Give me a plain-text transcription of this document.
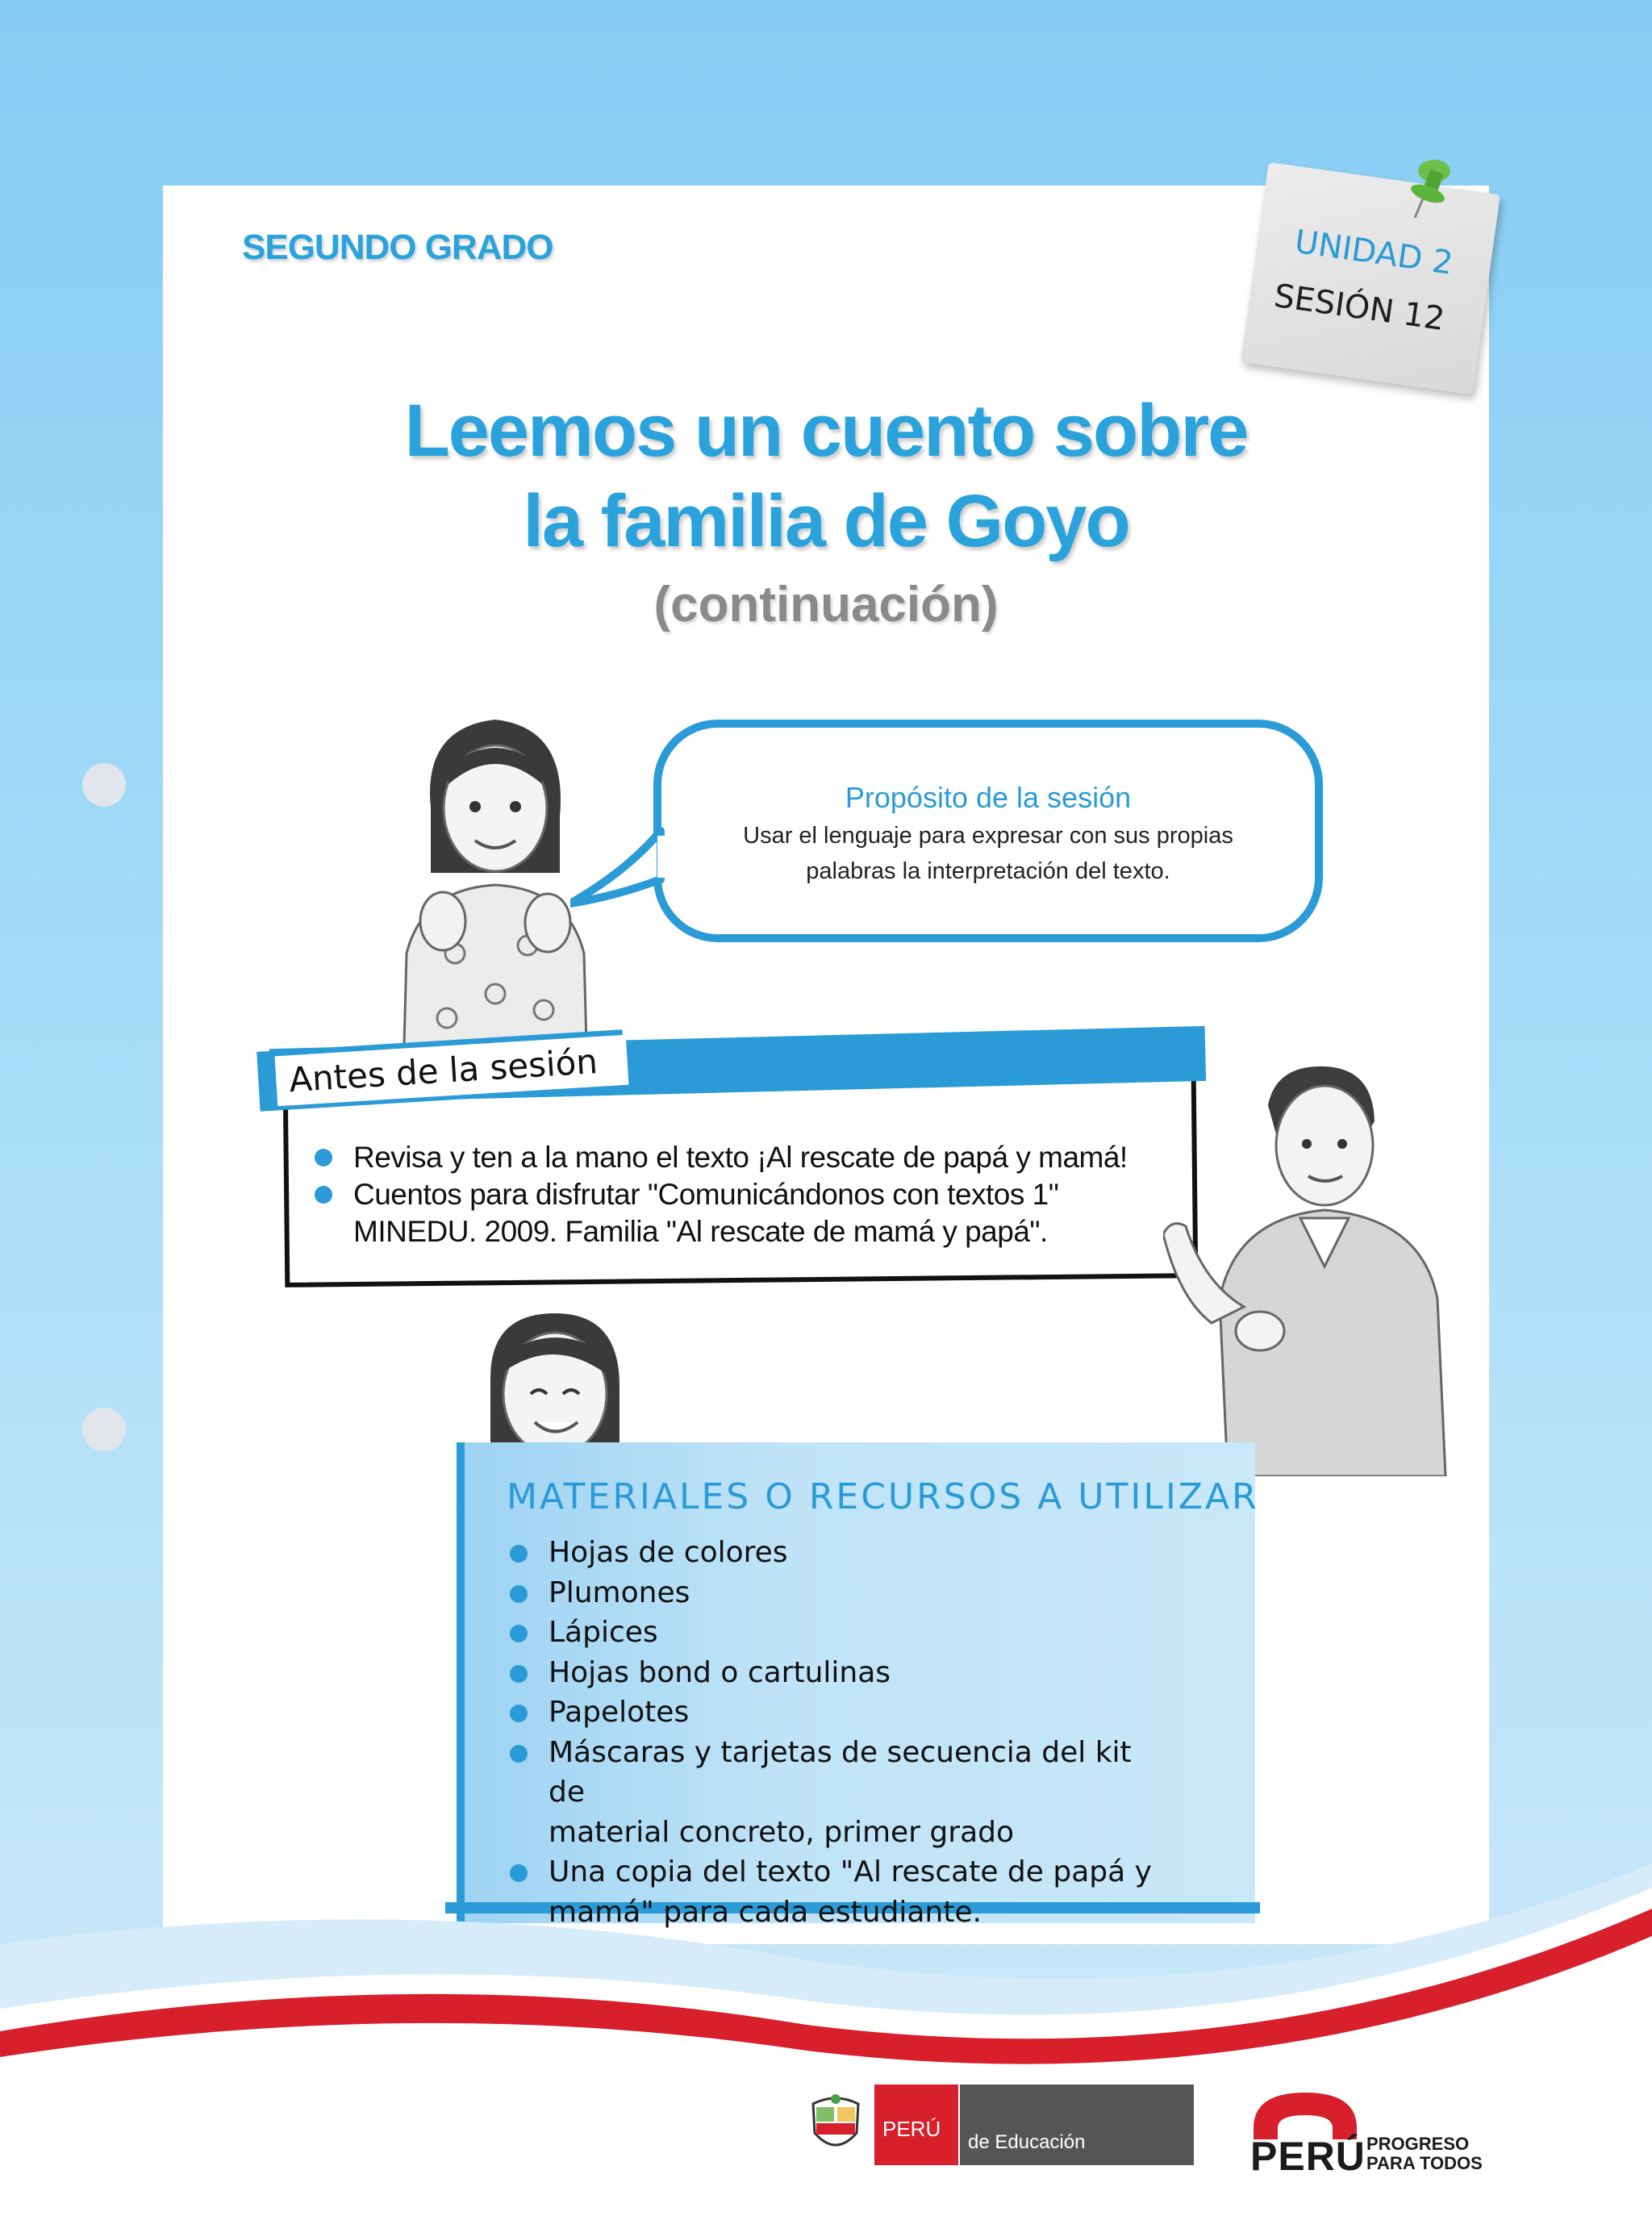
SEGUNDO GRADO	UNIDAD 2
SESIÓN 12
Leemos un cuento sobre
la familia de Goyo
(continuación)
Propósito de la sesión
Usar el lenguaje para expresar con sus propias
palabras la interpretación del texto.
Antes de la sesión
Revisa y ten a la mano el texto ¡Al rescate de papá y mamá!
Cuentos para disfrutar "Comunicándonos con textos 1"
MINEDU. 2009. Familia "Al rescate de mamá y papá".
MATERIALES O RECURSOS A UTILIZAR
Hojas de colores
Plumones
Lápices
Hojas bond o cartulinas
Papelotes
Máscaras y tarjetas de secuencia del kit de
material concreto, primer grado
Una copia del texto "Al rescate de papá y
mamá" para cada estudiante.
PERÚ
de Educación	PERÚ PROGRESO
PARA TODOS
